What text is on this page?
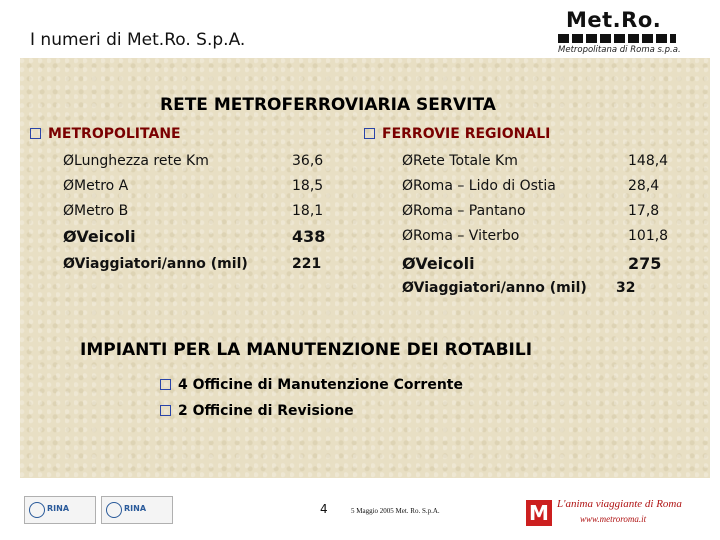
I numeri di Met.Ro. S.p.A.
Met.Ro.
Metropolitana di Roma s.p.a.
RETE METROFERROVIARIA SERVITA
METROPOLITANE
ØLunghezza rete Km	36,6
ØMetro A	18,5
ØMetro B	18,1
ØVeicoli	438
ØViaggiatori/anno (mil)	221
FERROVIE REGIONALI
ØRete Totale Km	148,4
ØRoma – Lido di Ostia	28,4
ØRoma – Pantano	17,8
ØRoma – Viterbo	101,8
ØVeicoli	275
ØViaggiatori/anno (mil) 32
IMPIANTI PER LA MANUTENZIONE DEI ROTABILI
4 Officine di Manutenzione Corrente
2 Officine di Revisione
RINA	RINA	4	5 Maggio 2005 Met. Ro. S.p.A.	M L'anima viaggiante di Roma
www.metroroma.it
